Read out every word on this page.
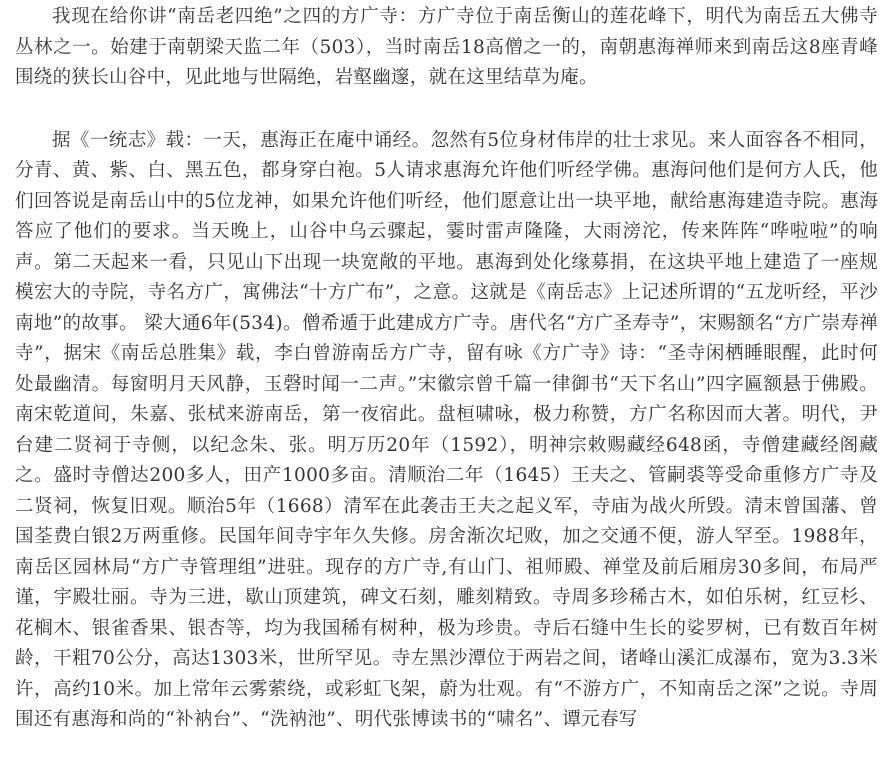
我现在给你讲“南岳老四绝”之四的方广寺：方广寺位于南岳衡山的莲花峰下，明代为南岳五大佛寺丛林之一。始建于南朝梁天监二年（503），当时南岳18高僧之一的，南朝惠海禅师来到南岳这8座青峰围绕的狭长山谷中，见此地与世隔绝，岩壑幽邃，就在这里结草为庵。

据《一统志》载：一天，惠海正在庵中诵经。忽然有5位身材伟岸的壮士求见。来人面容各不相同，分青、黄、紫、白、黑五色，都身穿白袍。5人请求惠海允许他们听经学佛。惠海问他们是何方人氏，他们回答说是南岳山中的5位龙神，如果允许他们听经，他们愿意让出一块平地，献给惠海建造寺院。惠海答应了他们的要求。当天晚上，山谷中乌云骤起，霎时雷声隆隆，大雨滂沱，传来阵阵“哗啦啦”的响声。第二天起来一看，只见山下出现一块宽敞的平地。惠海到处化缘募捐，在这块平地上建造了一座规模宏大的寺院，寺名方广，寓佛法“十方广布”，之意。这就是《南岳志》上记述所谓的“五龙听经，平沙南地”的故事。 梁大通6年(534)。僧希遁于此建成方广寺。唐代名“方广圣寿寺”，宋赐额名“方广崇寿禅寺”，据宋《南岳总胜集》载，李白曾游南岳方广寺，留有咏《方广寺》诗：“圣寺闲栖睡眼醒，此时何处最幽清。每窗明月天风静，玉磬时闻一二声。”宋徽宗曾千篇一律御书“天下名山”四字匾额悬于佛殿。南宋乾道间，朱嘉、张栻来游南岳，第一夜宿此。盘桓啸咏，极力称赞，方广名称因而大著。明代，尹台建二贤祠于寺侧，以纪念朱、张。明万历20年（1592），明神宗敕赐藏经648函，寺僧建藏经阁藏之。盛时寺僧达200多人，田产1000多亩。清顺治二年（1645）王夫之、管嗣裘等受命重修方广寺及二贤祠，恢复旧观。顺治5年（1668）清军在此袭击王夫之起义军，寺庙为战火所毁。清末曾国藩、曾国荃费白银2万两重修。民国年间寺宇年久失修。房舍渐次圮败，加之交通不便，游人罕至。1988年，南岳区园林局“方广寺管理组”进驻。现存的方广寺,有山门、祖师殿、禅堂及前后厢房30多间，布局严谨，宇殿壮丽。寺为三进，歇山顶建筑，碑文石刻，雕刻精致。寺周多珍稀古木，如伯乐树，红豆杉、花榈木、银雀香果、银杏等，均为我国稀有树种，极为珍贵。寺后石缝中生长的娑罗树，已有数百年树龄，干粗70公分，高达1303米，世所罕见。寺左黑沙潭位于两岩之间，诸峰山溪汇成瀑布，宽为3.3米许，高约10米。加上常年云雾萦绕，或彩虹飞架，蔚为壮观。有“不游方广，不知南岳之深”之说。寺周围还有惠海和尚的“补衲台”、“洗衲池”、明代张博读书的“啸名”、谭元春写
